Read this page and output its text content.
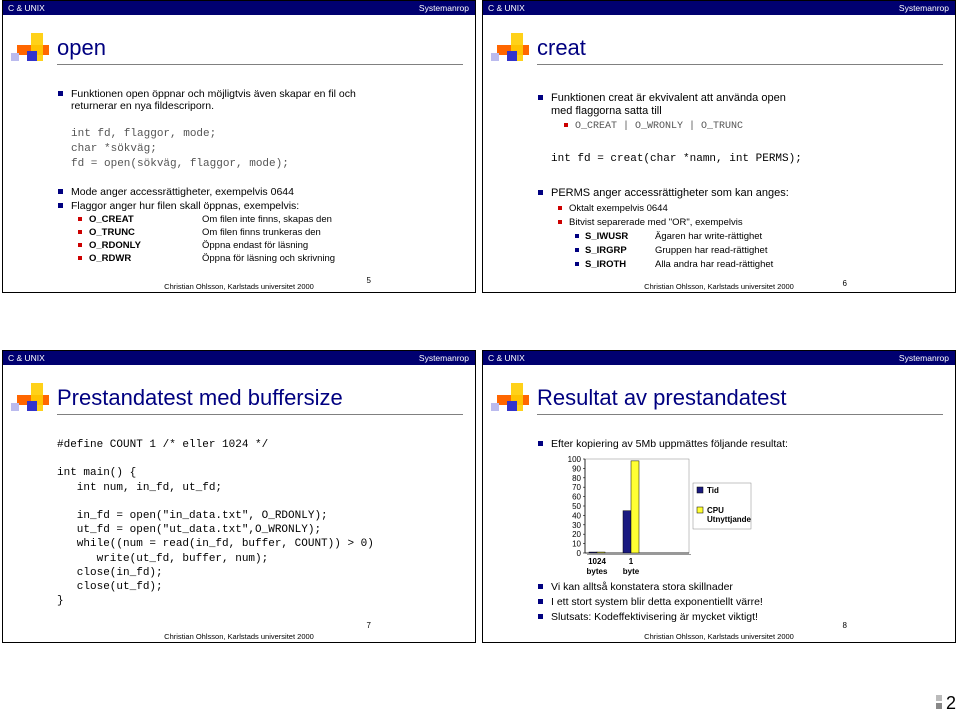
C & UNIX	Systemanrop
open
Funktionen open öppnar och möjligtvis även skapar en fil och
returnerar en nya fildescriporn.
int fd, flaggor, mode;
char *sökväg;
fd = open(sökväg, flaggor, mode);
Mode anger accessrättigheter, exempelvis 0644
Flaggor anger hur filen skall öppnas, exempelvis:
O_CREAT	Om filen inte finns, skapas den
O_TRUNC	Om filen finns trunkeras den
O_RDONLY	Öppna endast för läsning
O_RDWR	Öppna för läsning och skrivning
Christian Ohlsson, Karlstads universitet 2000
5
C & UNIX	Systemanrop
creat
Funktionen creat är ekvivalent att använda open
med flaggorna satta till
O_CREAT | O_WRONLY | O_TRUNC
int fd = creat(char *namn, int PERMS);
PERMS anger accessrättigheter som kan anges:
Oktalt exempelvis 0644
Bitvist separerade med "OR", exempelvis
S_IWUSR	Ägaren har write-rättighet
S_IRGRP	Gruppen har read-rättighet
S_IROTH	Alla andra har read-rättighet
Christian Ohlsson, Karlstads universitet 2000	6
C & UNIX	Systemanrop
Prestandatest med buffersize
#define COUNT 1 /* eller 1024 */
int main() {
int num, in_fd, ut_fd;
in_fd = open("in_data.txt", O_RDONLY);
ut_fd = open("ut_data.txt",O_WRONLY);
while((num = read(in_fd, buffer, COUNT)) > 0)
write(ut_fd, buffer, num);
close(in_fd);
close(ut_fd);
}
Christian Ohlsson, Karlstads universitet 2000
7
C & UNIX	Systemanrop
Resultat av prestandatest
Efter kopiering av 5Mb uppmättes följande resultat:
0
10
20
30
40
50
60
70
80
90
100
1024
bytes
1
byte
Tid
CPU
Utnyttjande
Vi kan alltså konstatera stora skillnader
I ett stort system blir detta exponentiellt värre!
Slutsats: Kodeffektivisering är mycket viktigt!
Christian Ohlsson, Karlstads universitet 2000
8
2
